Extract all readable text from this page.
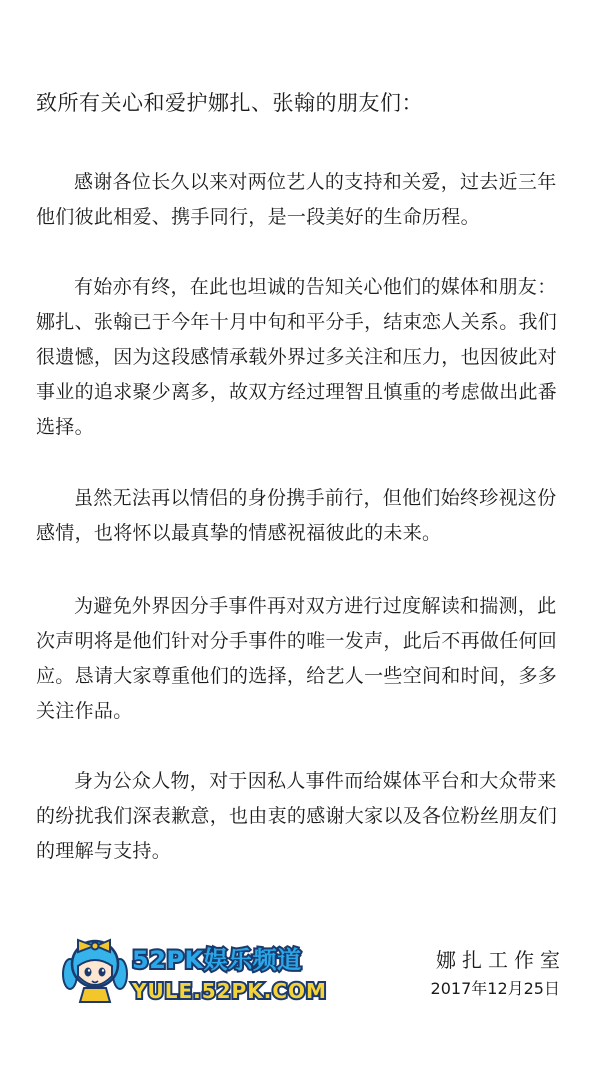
致所有关心和爱护娜扎、张翰的朋友们：
感谢各位长久以来对两位艺人的支持和关爱，过去近三年
他们彼此相爱、携手同行，是一段美好的生命历程。
有始亦有终，在此也坦诚的告知关心他们的媒体和朋友：
娜扎、张翰已于今年十月中旬和平分手，结束恋人关系。我们
很遗憾，因为这段感情承载外界过多关注和压力，也因彼此对
事业的追求聚少离多，故双方经过理智且慎重的考虑做出此番
选择。
虽然无法再以情侣的身份携手前行，但他们始终珍视这份
感情，也将怀以最真挚的情感祝福彼此的未来。
为避免外界因分手事件再对双方进行过度解读和揣测，此
次声明将是他们针对分手事件的唯一发声，此后不再做任何回
应。恳请大家尊重他们的选择，给艺人一些空间和时间，多多
关注作品。
身为公众人物，对于因私人事件而给媒体平台和大众带来
的纷扰我们深表歉意，也由衷的感谢大家以及各位粉丝朋友们
的理解与支持。
52PK娱乐频道
YULE.52PK.COM
娜扎工作室
2017年12月25日
